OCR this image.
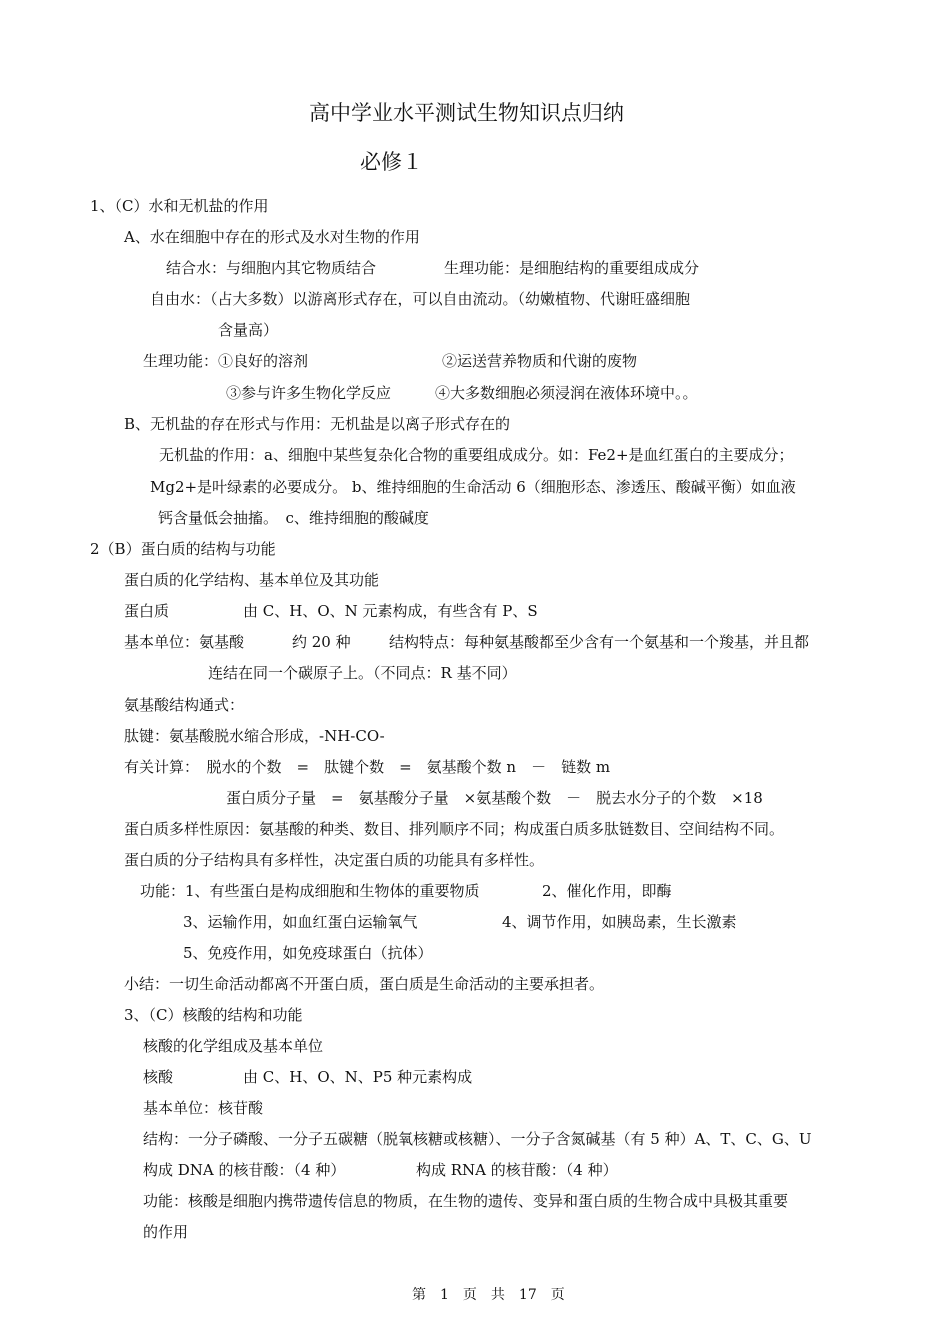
高中学业水平测试生物知识点归纳
必修１
1、（C）水和无机盐的作用
A、水在细胞中存在的形式及水对生物的作用
结合水：与细胞内其它物质结合	生理功能：是细胞结构的重要组成成分
自由水：（占大多数）以游离形式存在，可以自由流动。（幼嫩植物、代谢旺盛细胞
含量高）
生理功能：①良好的溶剂	②运送营养物质和代谢的废物
③参与许多生物化学反应	④大多数细胞必须浸润在液体环境中。。
B、无机盐的存在形式与作用：无机盐是以离子形式存在的
无机盐的作用：a、细胞中某些复杂化合物的重要组成成分。如：Fe2+是血红蛋白的主要成分；
Mg2+是叶绿素的必要成分。 b、维持细胞的生命活动 6（细胞形态、渗透压、酸碱平衡）如血液
钙含量低会抽搐。　c、维持细胞的酸碱度
2（B）蛋白质的结构与功能
蛋白质的化学结构、基本单位及其功能
蛋白质	由 C、H、O、N 元素构成，有些含有 P、S
基本单位：氨基酸	约 20 种	结构特点：每种氨基酸都至少含有一个氨基和一个羧基，并且都
连结在同一个碳原子上。（不同点：R 基不同）
氨基酸结构通式：
肽键：氨基酸脱水缩合形成，-NH-CO-
有关计算：　脱水的个数　=　肽键个数　=　氨基酸个数 n　－　链数 m
蛋白质分子量　=　氨基酸分子量　×氨基酸个数　－　脱去水分子的个数　×18
蛋白质多样性原因：氨基酸的种类、数目、排列顺序不同；构成蛋白质多肽链数目、空间结构不同。
蛋白质的分子结构具有多样性，决定蛋白质的功能具有多样性。
功能：1、有些蛋白是构成细胞和生物体的重要物质	2、催化作用，即酶
3、运输作用，如血红蛋白运输氧气	4、调节作用，如胰岛素，生长激素
5、免疫作用，如免疫球蛋白（抗体）
小结：一切生命活动都离不开蛋白质，蛋白质是生命活动的主要承担者。
3、（C）核酸的结构和功能
核酸的化学组成及基本单位
核酸	由 C、H、O、N、P5 种元素构成
基本单位：核苷酸
结构：一分子磷酸、一分子五碳糖（脱氧核糖或核糖）、一分子含氮碱基（有 5 种）A、T、C、G、U
构成 DNA 的核苷酸：（4 种）	构成 RNA 的核苷酸：（4 种）
功能：核酸是细胞内携带遗传信息的物质，在生物的遗传、变异和蛋白质的生物合成中具极其重要
的作用
第　1　页　共　17　页
